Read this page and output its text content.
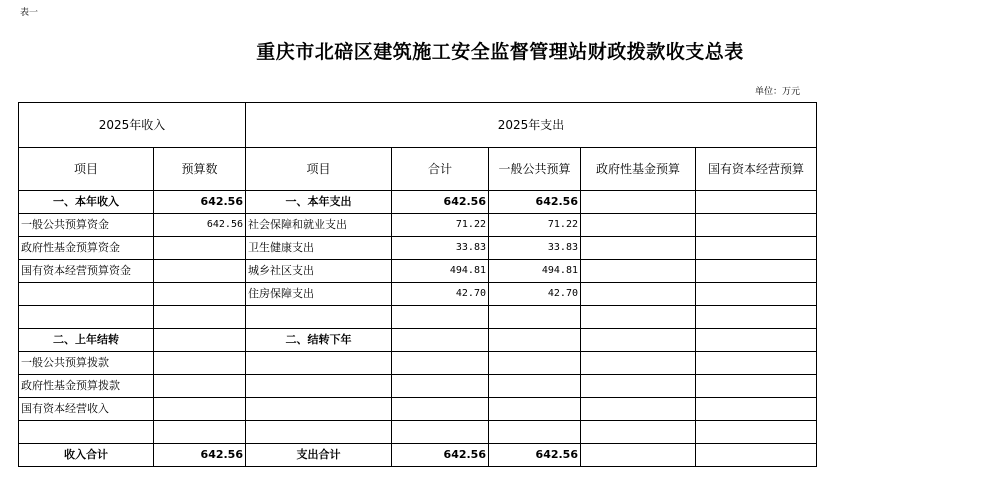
表一
重庆市北碚区建筑施工安全监督管理站财政拨款收支总表
单位：万元
2025年收入		2025年支出				
项目	预算数	项目	合计	一般公共预算	政府性基金预算	国有资本经营预算
一、本年收入	642.56	一、本年支出	642.56	642.56		
一般公共预算资金	642.56	社会保障和就业支出	71.22	71.22		
政府性基金预算资金		卫生健康支出	33.83	33.83		
国有资本经营预算资金		城乡社区支出	494.81	494.81		
		住房保障支出	42.70	42.70		

二、上年结转		二、结转下年				
一般公共预算拨款						
政府性基金预算拨款						
国有资本经营收入						

收入合计	642.56	支出合计	642.56	642.56		
